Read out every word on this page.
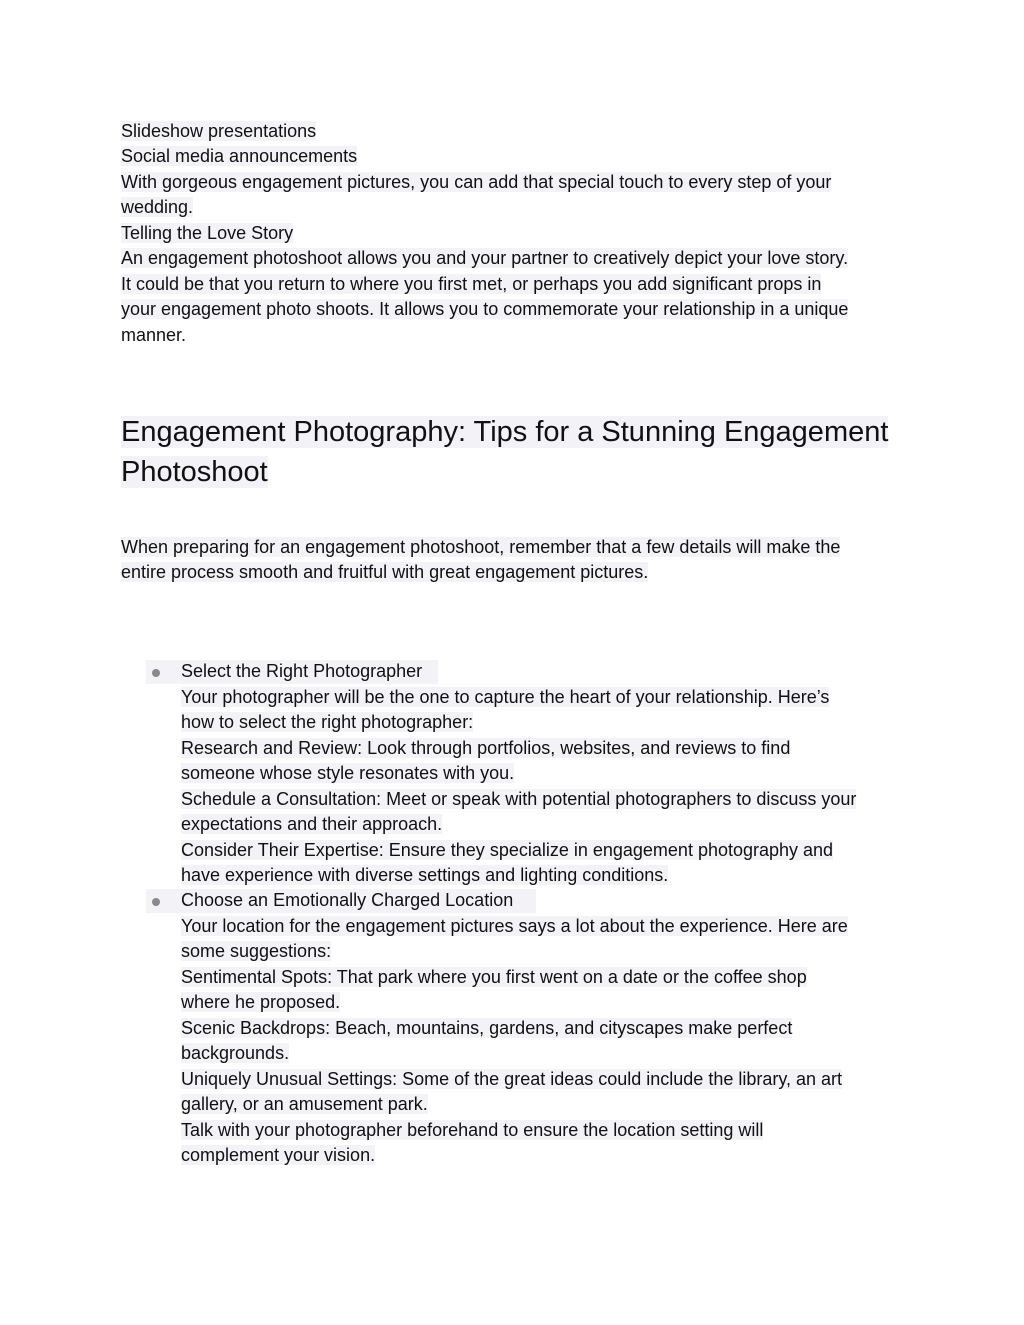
Slideshow presentations
Social media announcements
With gorgeous engagement pictures, you can add that special touch to every step of your
wedding.
Telling the Love Story
An engagement photoshoot allows you and your partner to creatively depict your love story.
It could be that you return to where you first met, or perhaps you add significant props in
your engagement photo shoots. It allows you to commemorate your relationship in a unique
manner.
Engagement Photography: Tips for a Stunning Engagement
Photoshoot
When preparing for an engagement photoshoot, remember that a few details will make the
entire process smooth and fruitful with great engagement pictures.
Select the Right Photographer
Your photographer will be the one to capture the heart of your relationship. Here’s
how to select the right photographer:
Research and Review: Look through portfolios, websites, and reviews to find
someone whose style resonates with you.
Schedule a Consultation: Meet or speak with potential photographers to discuss your
expectations and their approach.
Consider Their Expertise: Ensure they specialize in engagement photography and
have experience with diverse settings and lighting conditions.
Choose an Emotionally Charged Location
Your location for the engagement pictures says a lot about the experience. Here are
some suggestions:
Sentimental Spots: That park where you first went on a date or the coffee shop
where he proposed.
Scenic Backdrops: Beach, mountains, gardens, and cityscapes make perfect
backgrounds.
Uniquely Unusual Settings: Some of the great ideas could include the library, an art
gallery, or an amusement park.
Talk with your photographer beforehand to ensure the location setting will
complement your vision.
